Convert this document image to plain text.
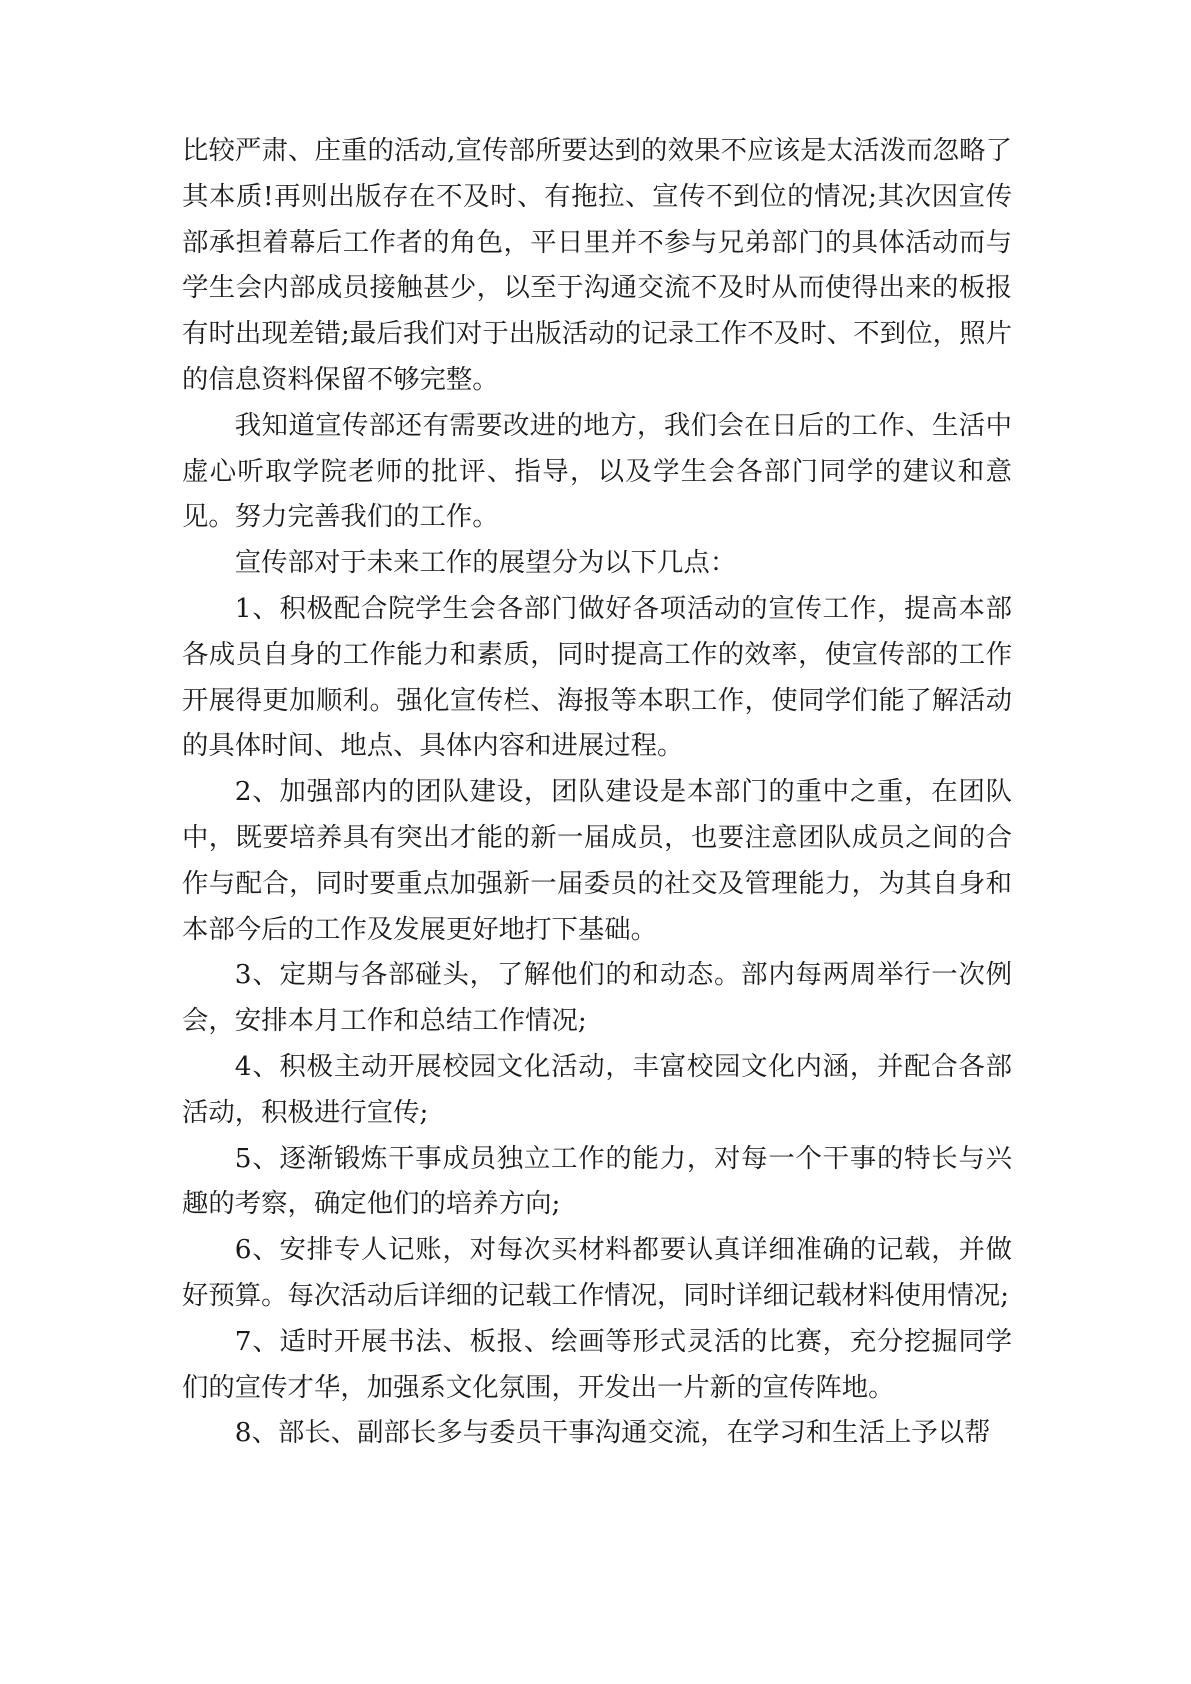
比较严肃、庄重的活动,宣传部所要达到的效果不应该是太活泼而忽略了其本质!再则出版存在不及时、有拖拉、宣传不到位的情况;其次因宣传部承担着幕后工作者的角色，平日里并不参与兄弟部门的具体活动而与学生会内部成员接触甚少，以至于沟通交流不及时从而使得出来的板报有时出现差错;最后我们对于出版活动的记录工作不及时、不到位，照片的信息资料保留不够完整。

我知道宣传部还有需要改进的地方，我们会在日后的工作、生活中虚心听取学院老师的批评、指导，以及学生会各部门同学的建议和意见。努力完善我们的工作。

宣传部对于未来工作的展望分为以下几点：

1、积极配合院学生会各部门做好各项活动的宣传工作，提高本部各成员自身的工作能力和素质，同时提高工作的效率，使宣传部的工作开展得更加顺利。强化宣传栏、海报等本职工作，使同学们能了解活动的具体时间、地点、具体内容和进展过程。

2、加强部内的团队建设，团队建设是本部门的重中之重，在团队中，既要培养具有突出才能的新一届成员，也要注意团队成员之间的合作与配合，同时要重点加强新一届委员的社交及管理能力，为其自身和本部今后的工作及发展更好地打下基础。

3、定期与各部碰头，了解他们的和动态。部内每两周举行一次例会，安排本月工作和总结工作情况;

4、积极主动开展校园文化活动，丰富校园文化内涵，并配合各部活动，积极进行宣传;

5、逐渐锻炼干事成员独立工作的能力，对每一个干事的特长与兴趣的考察，确定他们的培养方向;

6、安排专人记账，对每次买材料都要认真详细准确的记载，并做好预算。每次活动后详细的记载工作情况，同时详细记载材料使用情况;

7、适时开展书法、板报、绘画等形式灵活的比赛，充分挖掘同学们的宣传才华，加强系文化氛围，开发出一片新的宣传阵地。

8、部长、副部长多与委员干事沟通交流，在学习和生活上予以帮
